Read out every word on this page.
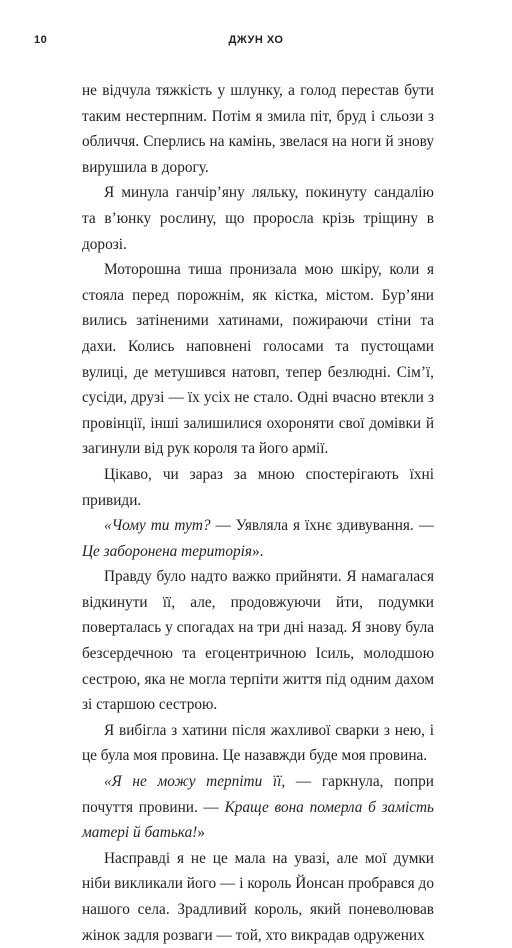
10	ДЖУН ХО

не відчула тяжкість у шлунку, а голод перестав бути таким нестерпним. Потім я змила піт, бруд і сльози з обличчя. Сперлись на камінь, звелася на ноги й знову вирушила в дорогу.

Я минула ганчір’яну ляльку, покинуту сандалію та в’юнку рослину, що проросла крізь тріщину в дорозі.

Моторошна тиша пронизала мою шкіру, коли я стояла перед порожнім, як кістка, містом. Бур’яни вились затіненими хатинами, пожираючи стіни та дахи. Колись наповнені голосами та пустощами вулиці, де метушився натовп, тепер безлюдні. Сім’ї, сусіди, друзі — їх усіх не стало. Одні вчасно втекли з провінції, інші залишилися охороняти свої домівки й загинули від рук короля та його армії.

Цікаво, чи зараз за мною спостерігають їхні привиди.

«Чому ти тут? — Уявляла я їхнє здивування. — Це заборонена територія».

Правду було надто важко прийняти. Я намагалася відкинути її, але, продовжуючи йти, подумки поверталась у спогадах на три дні назад. Я знову була безсердечною та егоцентричною Ісиль, молодшою сестрою, яка не могла терпіти життя під одним дахом зі старшою сестрою.

Я вибігла з хатини після жахливої сварки з нею, і це була моя провина. Це назавжди буде моя провина.

«Я не можу терпіти її, — гаркнула, попри почуття провини. — Краще вона померла б замість матері й батька!»

Насправді я не це мала на увазі, але мої думки ніби викликали його — і король Йонсан пробрався до нашого села. Зрадливий король, який поневолював жінок задля розваги — той, хто викрадав одружених
